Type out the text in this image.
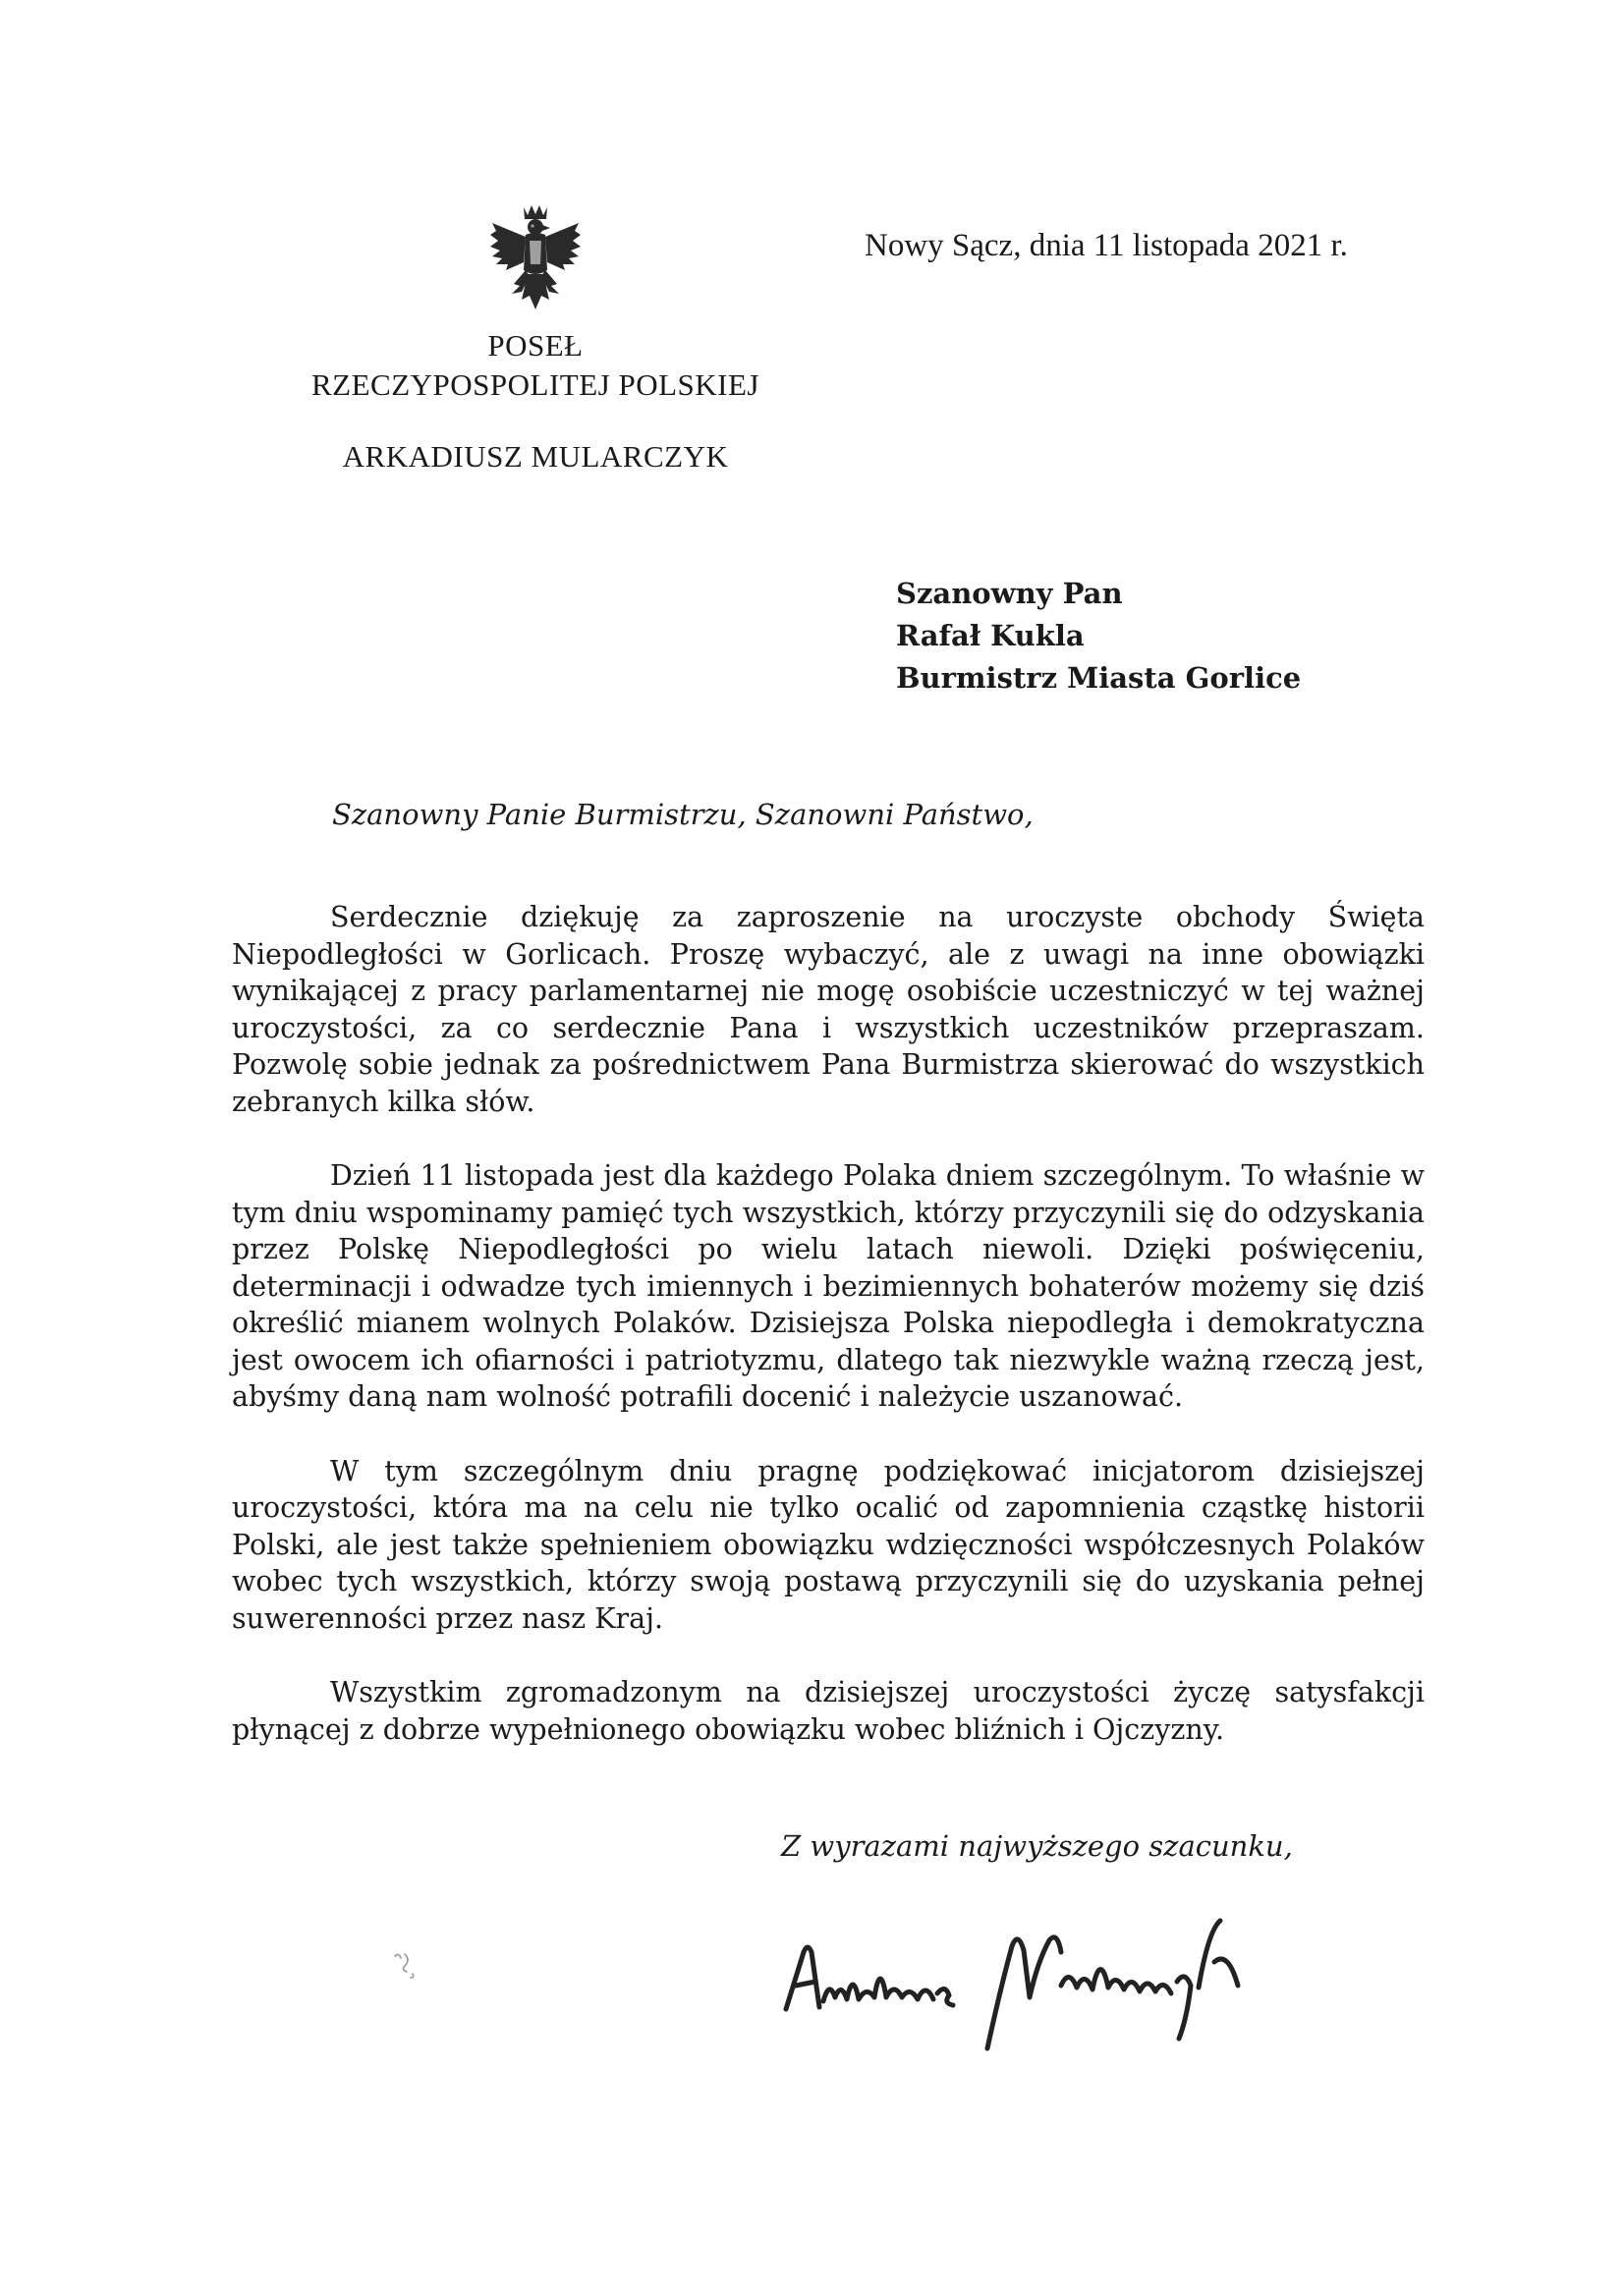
POSEŁ
RZECZYPOSPOLITEJ POLSKIEJ
ARKADIUSZ MULARCZYK
Nowy Sącz, dnia 11 listopada 2021 r.
Szanowny Pan
Rafał Kukla
Burmistrz Miasta Gorlice
Szanowny Panie Burmistrzu, Szanowni Państwo,

Serdecznie dziękuję za zaproszenie na uroczyste obchody Święta Niepodległości w Gorlicach. Proszę wybaczyć, ale z uwagi na inne obowiązki wynikającej z pracy parlamentarnej nie mogę osobiście uczestniczyć w tej ważnej uroczystości, za co serdecznie Pana i wszystkich uczestników przepraszam. Pozwolę sobie jednak za pośrednictwem Pana Burmistrza skierować do wszystkich zebranych kilka słów.

Dzień 11 listopada jest dla każdego Polaka dniem szczególnym. To właśnie w tym dniu wspominamy pamięć tych wszystkich, którzy przyczynili się do odzyskania przez Polskę Niepodległości po wielu latach niewoli. Dzięki poświęceniu, determinacji i odwadze tych imiennych i bezimiennych bohaterów możemy się dziś określić mianem wolnych Polaków. Dzisiejsza Polska niepodległa i demokratyczna jest owocem ich ofiarności i patriotyzmu, dlatego tak niezwykle ważną rzeczą jest, abyśmy daną nam wolność potrafili docenić i należycie uszanować.

W tym szczególnym dniu pragnę podziękować inicjatorom dzisiejszej uroczystości, która ma na celu nie tylko ocalić od zapomnienia cząstkę historii Polski, ale jest także spełnieniem obowiązku wdzięczności współczesnych Polaków wobec tych wszystkich, którzy swoją postawą przyczynili się do uzyskania pełnej suwerenności przez nasz Kraj.

Wszystkim zgromadzonym na dzisiejszej uroczystości życzę satysfakcji płynącej z dobrze wypełnionego obowiązku wobec bliźnich i Ojczyzny.

Z wyrazami najwyższego szacunku,
